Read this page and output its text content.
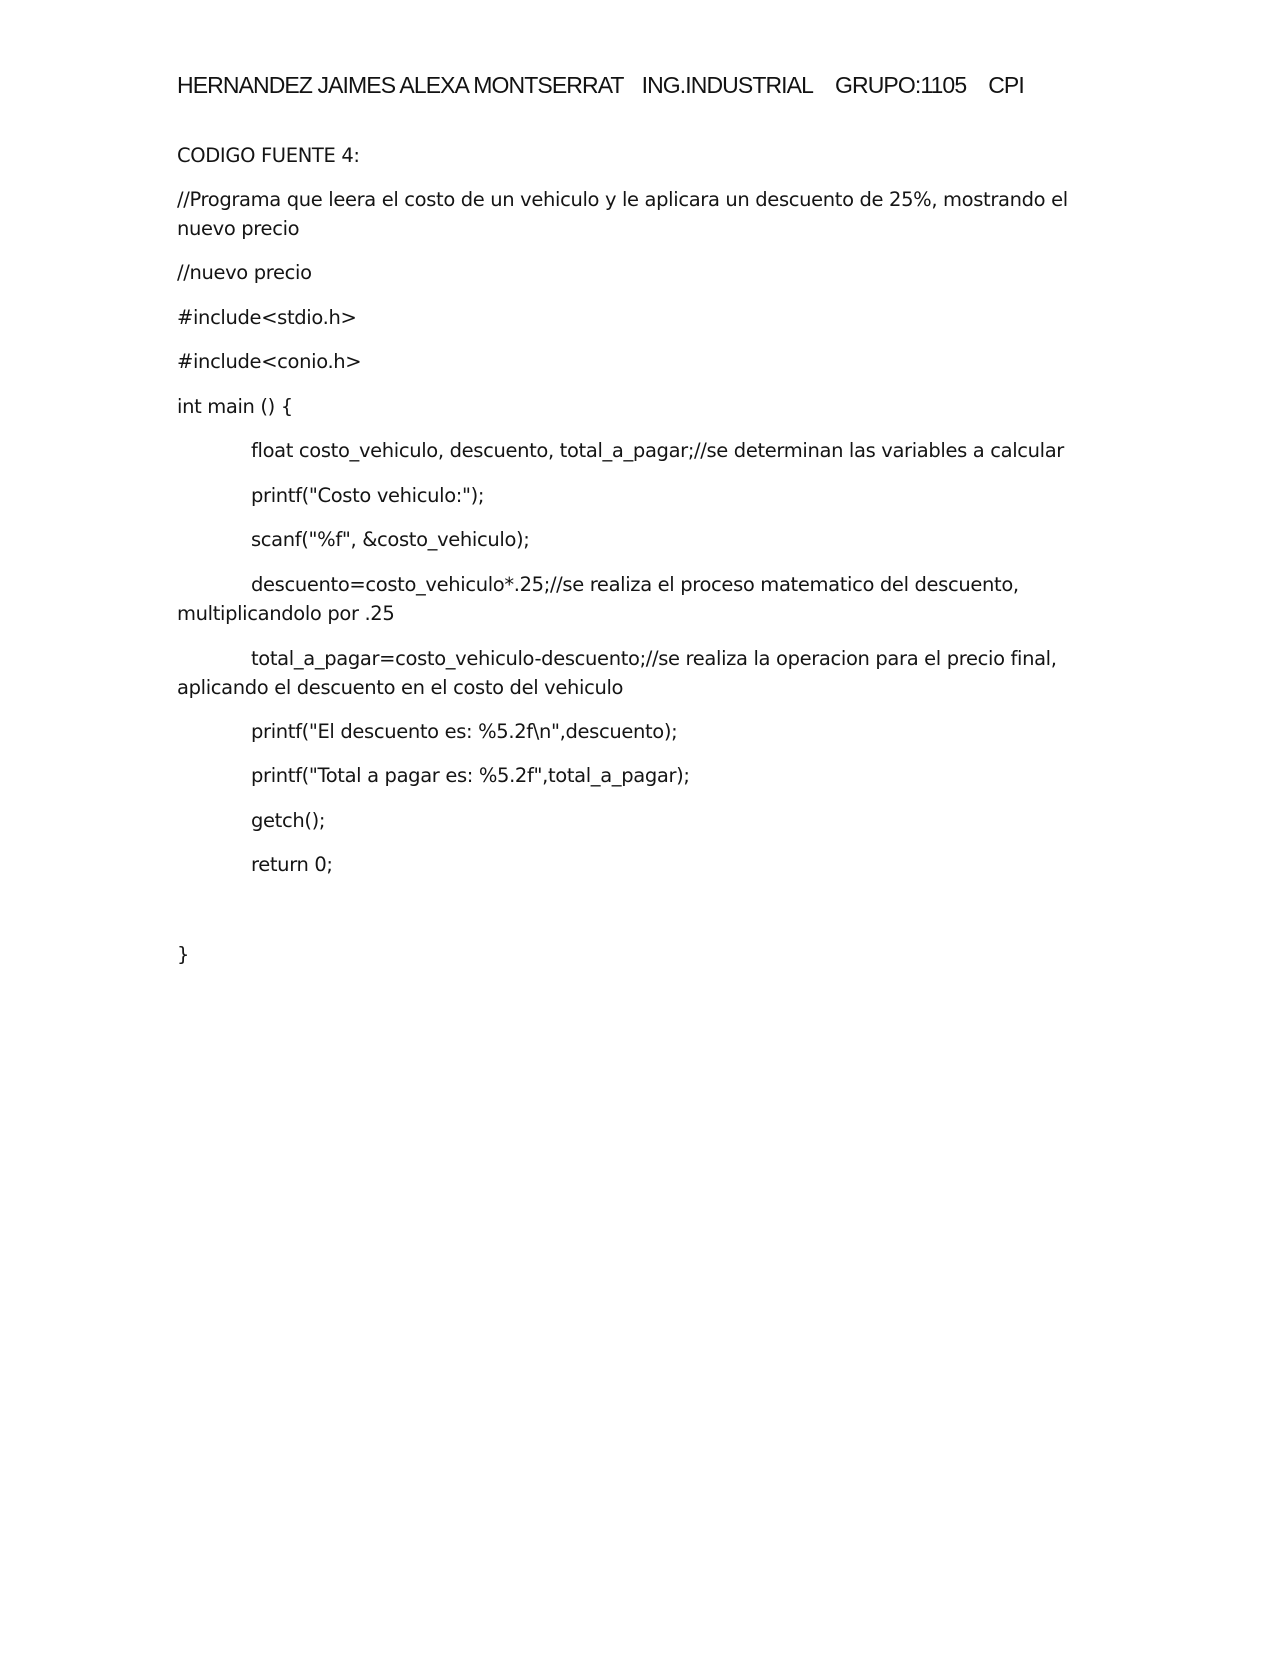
HERNANDEZ JAIMES ALEXA MONTSERRAT ING.INDUSTRIAL GRUPO:1105 CPI
CODIGO FUENTE 4:
//Programa que leera el costo de un vehiculo y le aplicara un descuento de 25%, mostrando el
nuevo precio
//nuevo precio
#include<stdio.h>
#include<conio.h>
int main () {
float costo_vehiculo, descuento, total_a_pagar;//se determinan las variables a calcular
printf("Costo vehiculo:");
scanf("%f", &costo_vehiculo);
descuento=costo_vehiculo*.25;//se realiza el proceso matematico del descuento,
multiplicandolo por .25
total_a_pagar=costo_vehiculo-descuento;//se realiza la operacion para el precio final,
aplicando el descuento en el costo del vehiculo
printf("El descuento es: %5.2f\n",descuento);
printf("Total a pagar es: %5.2f",total_a_pagar);
getch();
return 0;
}
